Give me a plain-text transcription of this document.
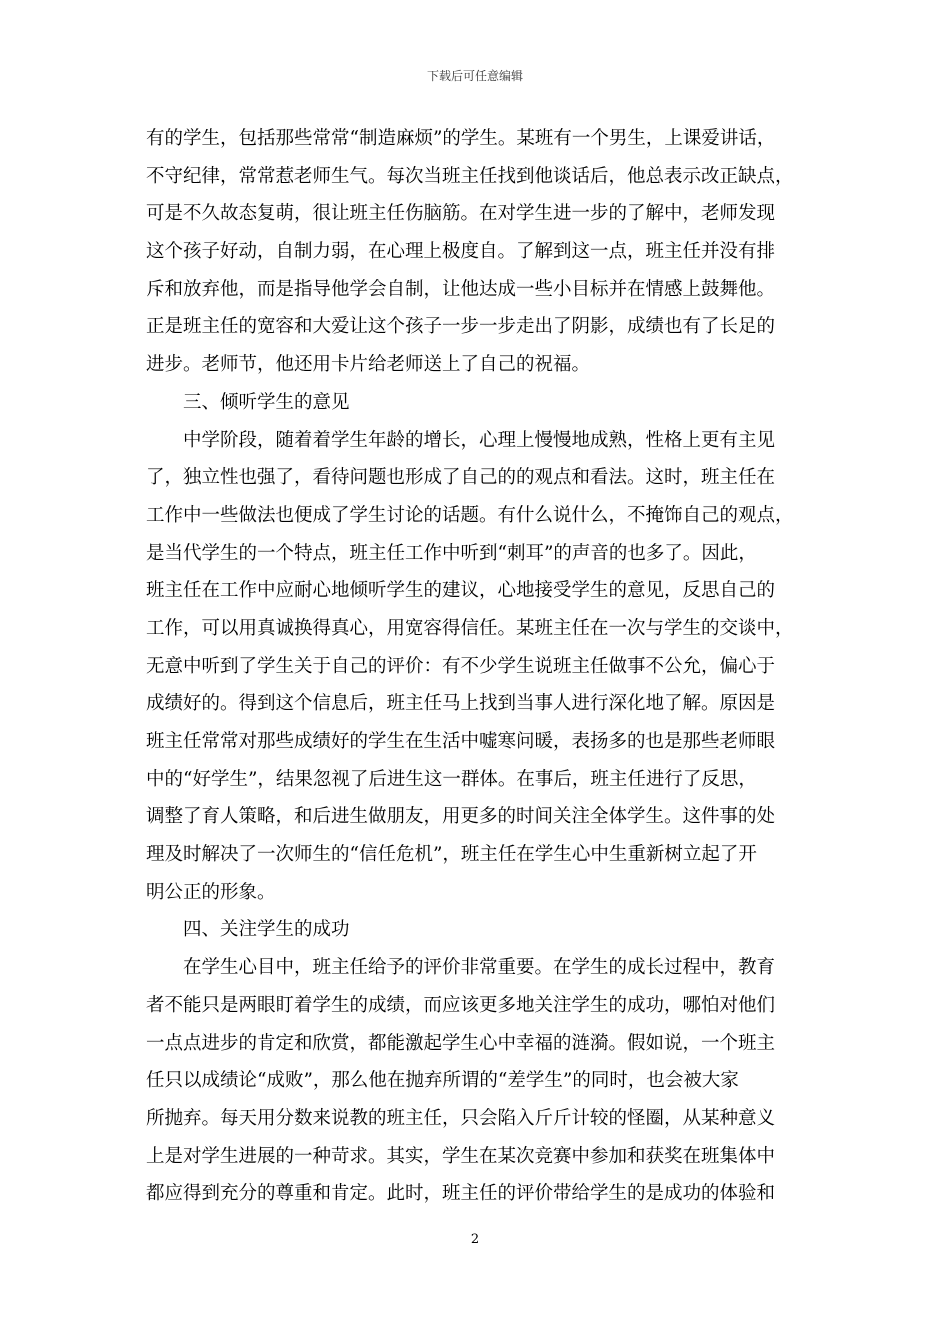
下载后可任意编辑
有的学生，包括那些常常“制造麻烦”的学生。某班有一个男生，上课爱讲话，
不守纪律，常常惹老师生气。每次当班主任找到他谈话后，他总表示改正缺点，
可是不久故态复萌，很让班主任伤脑筋。在对学生进一步的了解中，老师发现
这个孩子好动，自制力弱，在心理上极度自。了解到这一点，班主任并没有排
斥和放弃他，而是指导他学会自制，让他达成一些小目标并在情感上鼓舞他。
正是班主任的宽容和大爱让这个孩子一步一步走出了阴影，成绩也有了长足的
进步。老师节，他还用卡片给老师送上了自己的祝福。
三、倾听学生的意见
中学阶段，随着着学生年龄的增长，心理上慢慢地成熟，性格上更有主见
了，独立性也强了，看待问题也形成了自己的的观点和看法。这时，班主任在
工作中一些做法也便成了学生讨论的话题。有什么说什么，不掩饰自己的观点，
是当代学生的一个特点，班主任工作中听到“刺耳”的声音的也多了。因此，
班主任在工作中应耐心地倾听学生的建议，心地接受学生的意见，反思自己的
工作，可以用真诚换得真心，用宽容得信任。某班主任在一次与学生的交谈中，
无意中听到了学生关于自己的评价：有不少学生说班主任做事不公允，偏心于
成绩好的。得到这个信息后，班主任马上找到当事人进行深化地了解。原因是
班主任常常对那些成绩好的学生在生活中嘘寒问暖，表扬多的也是那些老师眼
中的“好学生”，结果忽视了后进生这一群体。在事后，班主任进行了反思，
调整了育人策略，和后进生做朋友，用更多的时间关注全体学生。这件事的处
理及时解决了一次师生的“信任危机”，班主任在学生心中生重新树立起了开
明公正的形象。
四、关注学生的成功
在学生心目中，班主任给予的评价非常重要。在学生的成长过程中，教育
者不能只是两眼盯着学生的成绩，而应该更多地关注学生的成功，哪怕对他们
一点点进步的肯定和欣赏，都能激起学生心中幸福的涟漪。假如说，一个班主
任只以成绩论“成败”，那么他在抛弃所谓的“差学生”的同时，也会被大家
所抛弃。每天用分数来说教的班主任，只会陷入斤斤计较的怪圈，从某种意义
上是对学生进展的一种苛求。其实，学生在某次竞赛中参加和获奖在班集体中
都应得到充分的尊重和肯定。此时，班主任的评价带给学生的是成功的体验和
2
